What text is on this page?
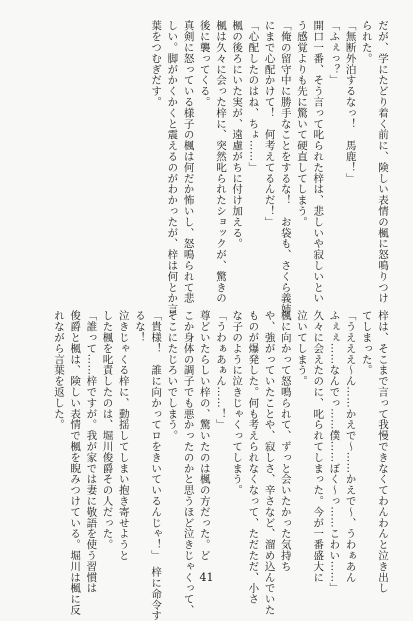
だが、学にたどり着く前に、険しい表情の楓に怒鳴りつけ
られた。
「無断外泊するなっ！　馬鹿！」
「ふぇっ？」
開口一番、そう言って叱られた梓は、悲しいや寂しいとい
う感覚よりも先に驚いて硬直してしまう。
「俺の留守中に勝手なことをするな！　お袋も、さくら義姉
にまで心配かけて！　何考えてるんだ！」
「心配したのはね、ちょ……」
楓の後ろにいた実が、遠慮がちに付け加える。
楓は久々に会った梓に、突然叱られたショックが、驚きの
後に襲ってくる。
真剣に怒っている様子の楓は何だか怖いし、怒鳴られて悲
しい。脚がかくかくと震えるのがわかったが、梓は何とか言
葉をつむぎだす。
梓は、そこまで言って我慢できなくてわんわんと泣き出し
てしまった。
「うえええ～ん……かえで～……かえで～、うわぁあん
ふぇぇ……なんでっ……僕……ぼく～っ……こわい……」
久々に会えたのに、叱られてしまった。今が一番盛大に
泣いてしまう。
楓に向かって怒鳴られて、ずっと会いたかった気持ち
や、強がっていたことや、寂しさ、辛さなど、溜め込んでいた
ものが爆発した。何も考えられなくなって、ただただ、小さ
な子のように泣きじゃくってしまう。
「うわぁあぁん……！」
尊どいたらしい梓の、驚いたのは楓の方だった。ど
こか身体の調子でも悪かったのかと思うほど泣きじゃくって、
そこにたじろいでしまう。
「貴様！　誰に向かってロをきいているんじゃ！」　梓に命令す
るな！
泣きじゃくる梓に、動揺してしまい抱き寄せようと
した楓を叱責したのは、堀川俊爵その人だった。
「誰って……梓ですが。我が家では妻に敬語を使う習慣は
俊爵と楓は、険しい表情で楓を睨みつけている。堀川は楓に反
れながら言葉を返した。
41
